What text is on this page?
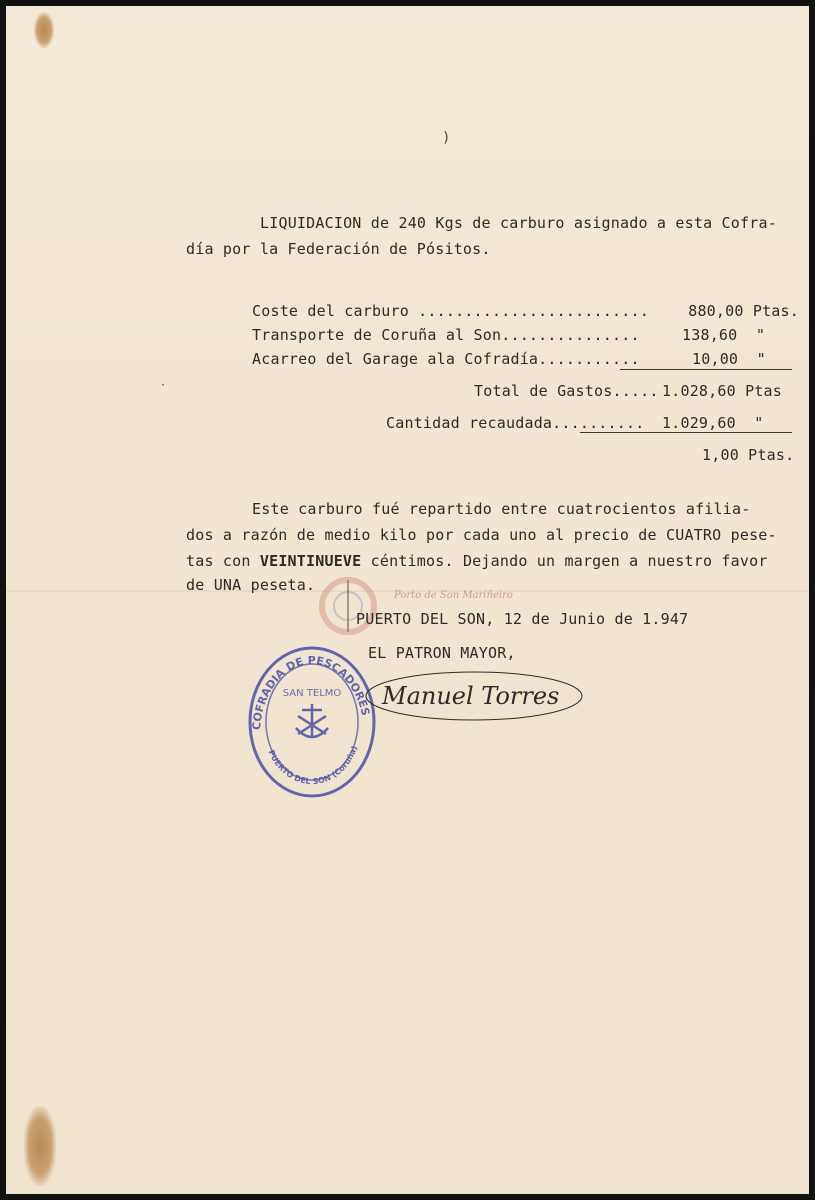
)
·
LIQUIDACION de 240 Kgs de carburo asignado a esta Cofra-
día por la Federación de Pósitos.
Coste del carburo .........................	880,00 Ptas.
Transporte de Coruña al Son...............	138,60  "
Acarreo del Garage ala Cofradía...........	10,00  "
Total de Gastos..... 1.028,60 Ptas
Cantidad recaudada.......... 1.029,60  "
1,00 Ptas.
Este carburo fué repartido entre cuatrocientos afilia-
dos a razón de medio kilo por cada uno al precio de CUATRO pese-
tas con VEINTINUEVE céntimos. Dejando un margen a nuestro favor
de UNA peseta.
Porto de Son Mariñeiro
PUERTO DEL SON, 12 de Junio de 1.947
EL PATRON MAYOR,
COFRADIA DE PESCADORES
SAN TELMO
PUERTO DEL SON (Coruña)
Manuel Torres
